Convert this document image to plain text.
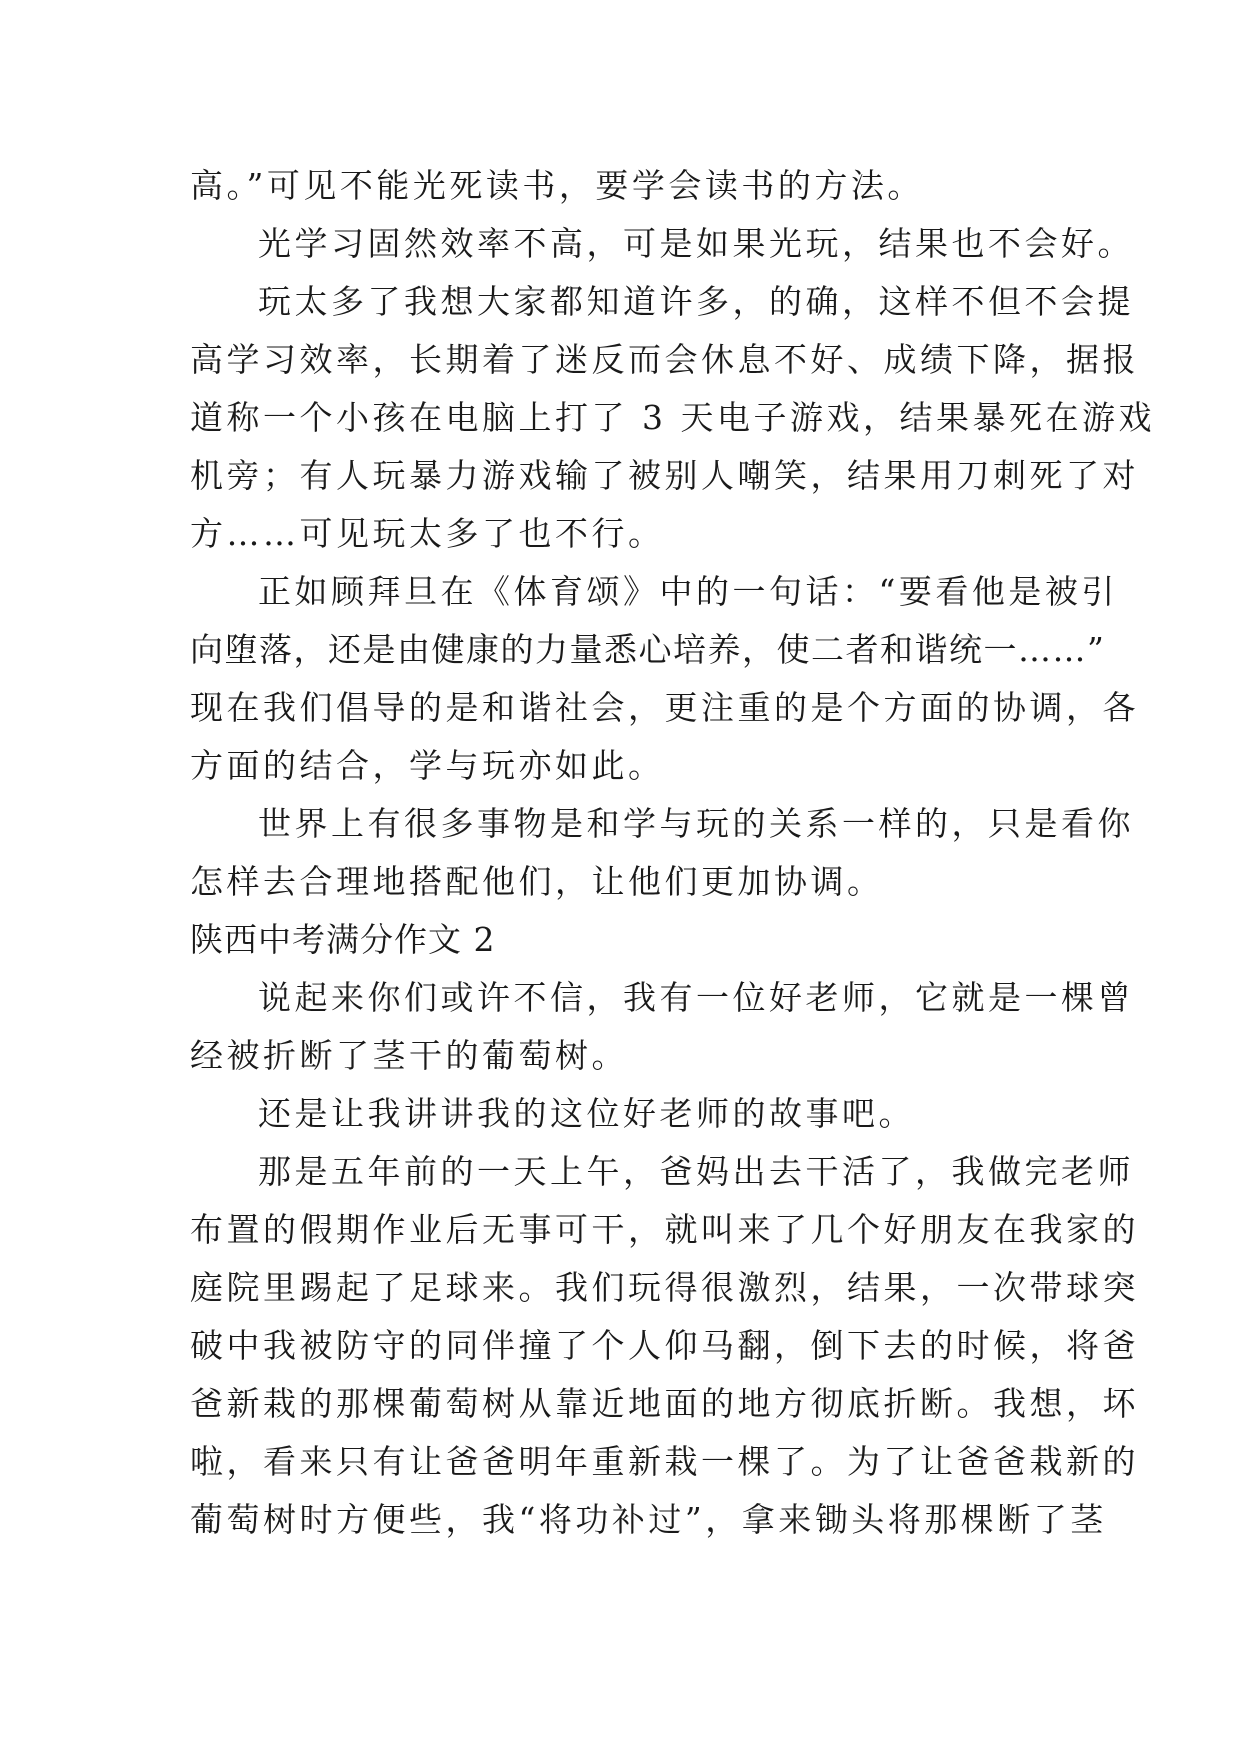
高。”可见不能光死读书，要学会读书的方法。

光学习固然效率不高，可是如果光玩，结果也不会好。

玩太多了我想大家都知道许多，的确，这样不但不会提

高学习效率，长期着了迷反而会休息不好、成绩下降，据报

道称一个小孩在电脑上打了 3 天电子游戏，结果暴死在游戏

机旁；有人玩暴力游戏输了被别人嘲笑，结果用刀刺死了对

方……可见玩太多了也不行。

正如顾拜旦在《体育颂》中的一句话：“要看他是被引

向堕落，还是由健康的力量悉心培养，使二者和谐统一……”

现在我们倡导的是和谐社会，更注重的是个方面的协调，各

方面的结合，学与玩亦如此。

世界上有很多事物是和学与玩的关系一样的，只是看你

怎样去合理地搭配他们，让他们更加协调。

陕西中考满分作文 2

说起来你们或许不信，我有一位好老师，它就是一棵曾

经被折断了茎干的葡萄树。

还是让我讲讲我的这位好老师的故事吧。

那是五年前的一天上午，爸妈出去干活了，我做完老师

布置的假期作业后无事可干，就叫来了几个好朋友在我家的

庭院里踢起了足球来。我们玩得很激烈，结果，一次带球突

破中我被防守的同伴撞了个人仰马翻，倒下去的时候，将爸

爸新栽的那棵葡萄树从靠近地面的地方彻底折断。我想，坏

啦，看来只有让爸爸明年重新栽一棵了。为了让爸爸栽新的

葡萄树时方便些，我“将功补过”，拿来锄头将那棵断了茎
